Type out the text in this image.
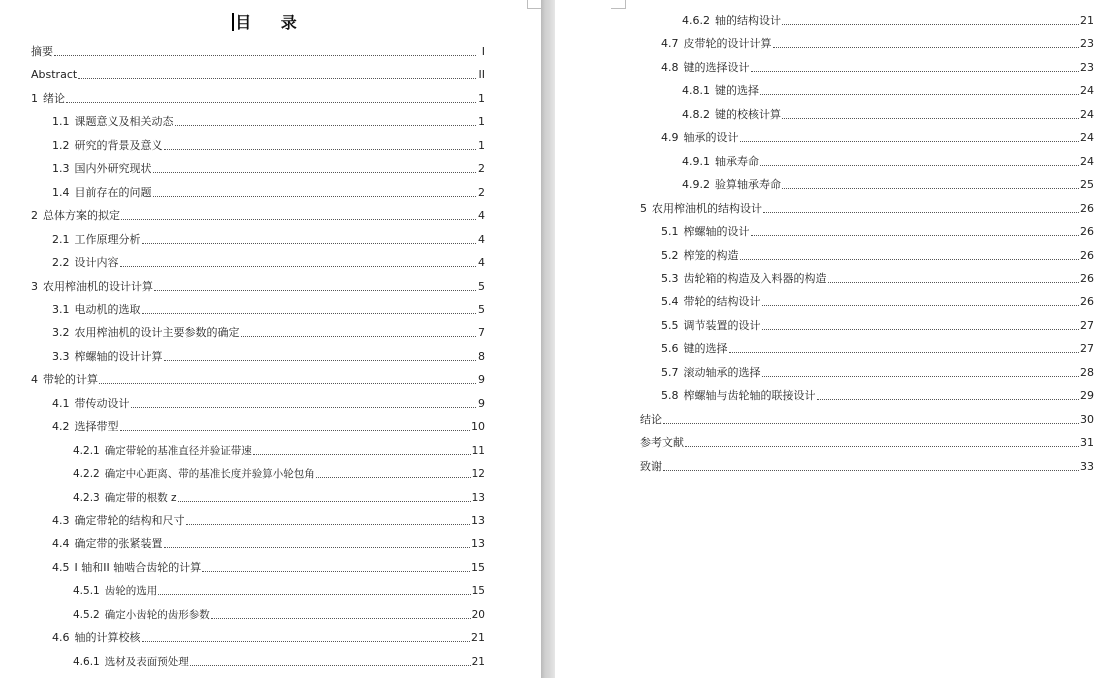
目 录
摘要	I
Abstract	II
1 绪论	1
1.1 课题意义及相关动态	1
1.2 研究的背景及意义	1
1.3 国内外研究现状	2
1.4 目前存在的问题	2
2 总体方案的拟定	4
2.1 工作原理分析	4
2.2 设计内容	4
3 农用榨油机的设计计算	5
3.1 电动机的选取	5
3.2 农用榨油机的设计主要参数的确定	7
3.3 榨螺轴的设计计算	8
4 带轮的计算	9
4.1 带传动设计	9
4.2 选择带型	10
4.2.1 确定带轮的基准直径并验证带速	11
4.2.2 确定中心距离、带的基准长度并验算小轮包角	12
4.2.3 确定带的根数 z	13
4.3 确定带轮的结构和尺寸	13
4.4 确定带的张紧装置	13
4.5 I 轴和II 轴啮合齿轮的计算	15
4.5.1 齿轮的选用	15
4.5.2 确定小齿轮的齿形参数	20
4.6 轴的计算校核	21
4.6.1 选材及表面预处理	21
4.6.2 轴的结构设计	21
4.7 皮带轮的设计计算	23
4.8 键的选择设计	23
4.8.1 键的选择	24
4.8.2 键的校核计算	24
4.9 轴承的设计	24
4.9.1 轴承寿命	24
4.9.2 验算轴承寿命	25
5 农用榨油机的结构设计	26
5.1 榨螺轴的设计	26
5.2 榨笼的构造	26
5.3 齿轮箱的构造及入料器的构造	26
5.4 带轮的结构设计	26
5.5 调节装置的设计	27
5.6 键的选择	27
5.7 滚动轴承的选择	28
5.8 榨螺轴与齿轮轴的联接设计	29
结论	30
参考文献	31
致谢	33
